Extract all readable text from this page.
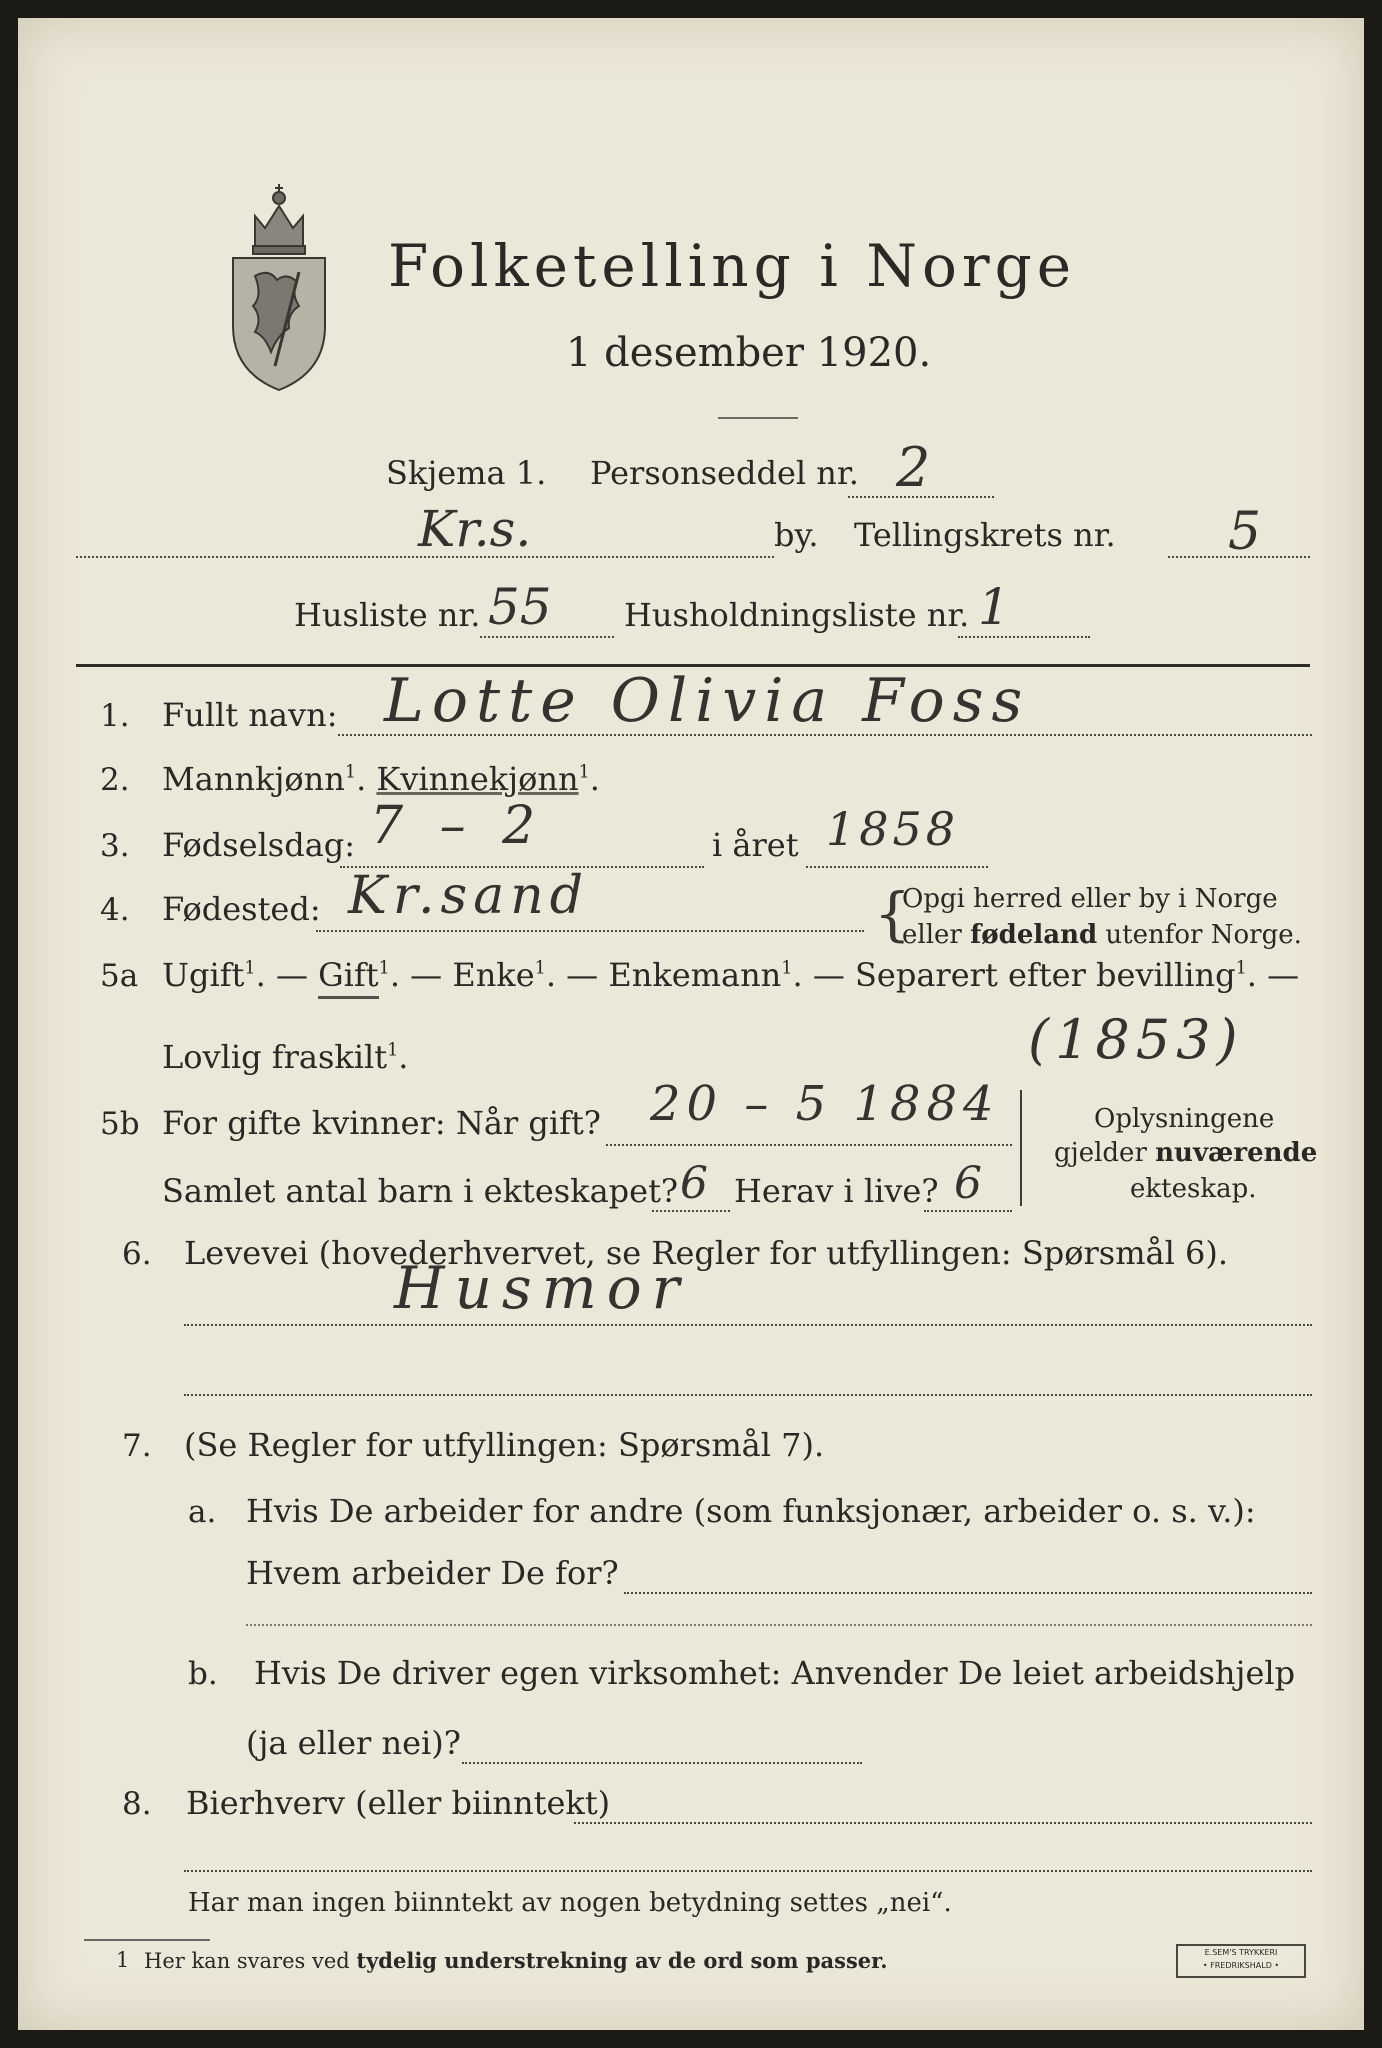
Folketelling i Norge
1 desember 1920.
Skjema 1. Personseddel nr. 2
Kr.s.	by. Tellingskrets nr. 5
Husliste nr. 55 Husholdningsliste nr. 1
1. Fullt navn: Lotte Olivia Foss
2. Mannkjønn$^1$. Kvinnekjønn$^1$.
3. Fødselsdag: 7 – 2	i året 1858
4. Fødested: Kr.sand	{
Opgi herred eller by i Norge
eller fødeland utenfor Norge.
5a Ugift$^1$. — Gift$^1$. — Enke$^1$. — Enkemann$^1$. — Separert efter bevilling$^1$. —
Lovlig fraskilt$^1$.	(1853)
5b For gifte kvinner: Når gift? 20 – 5 1884
Samlet antal barn i ekteskapet? 6 Herav i live? 6
Oplysningene
gjelder nuværende
ekteskap.
6. Levevei (hovederhvervet, se Regler for utfyllingen: Spørsmål 6).
Husmor
7. (Se Regler for utfyllingen: Spørsmål 7).
a. Hvis De arbeider for andre (som funksjonær, arbeider o. s. v.):
Hvem arbeider De for?
b. Hvis De driver egen virksomhet: Anvender De leiet arbeidshjelp
(ja eller nei)?
8. Bierhverv (eller biinntekt)
Har man ingen biinntekt av nogen betydning settes „nei“.
1 Her kan svares ved tydelig understrekning av de ord som passer.	E.SEM'S TRYKKERI
• FREDRIKSHALD •
